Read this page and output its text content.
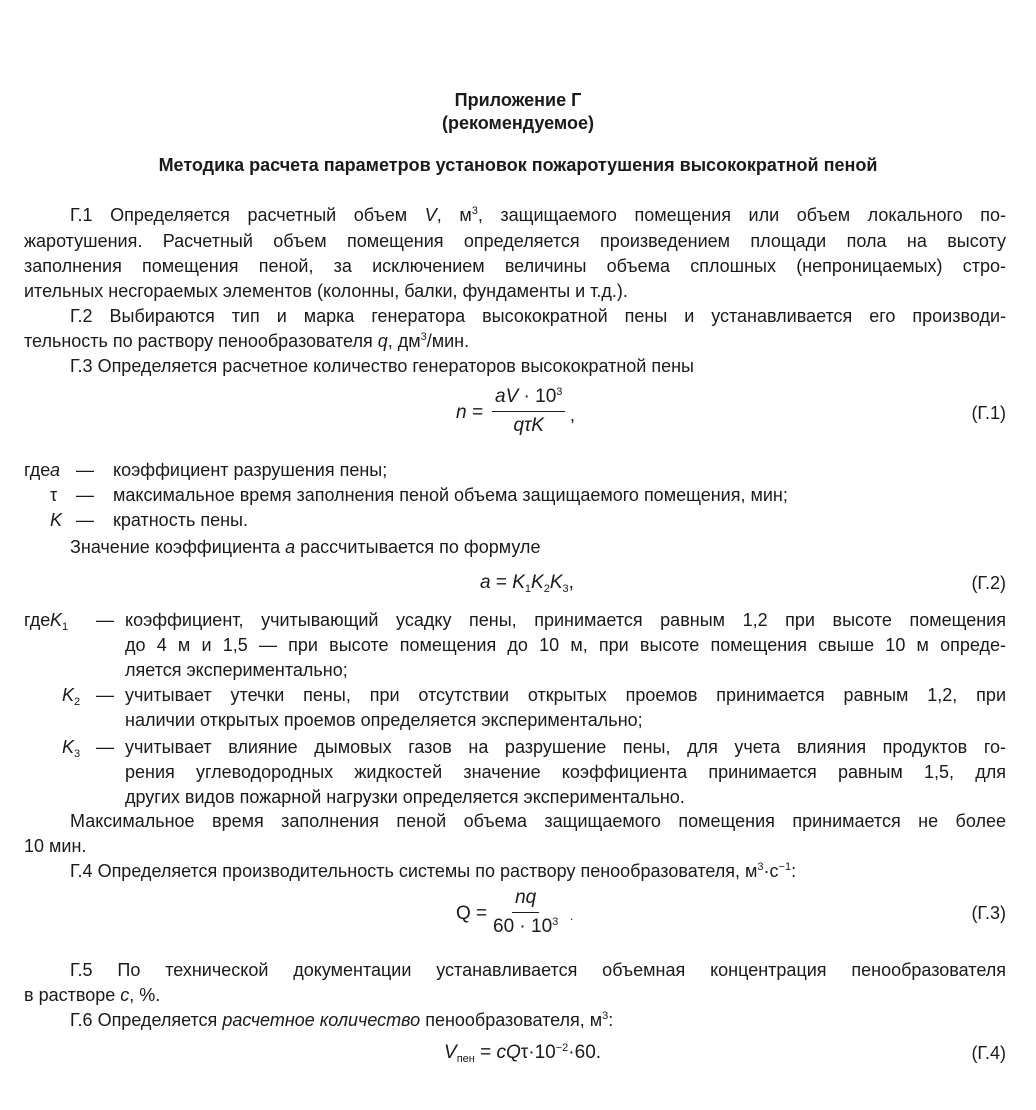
Приложение Г
(рекомендуемое)
Методика расчета параметров установок пожаротушения высокократной пеной
Г.1 Определяется расчетный объем V, $м^3$, защищаемого помещения или объем локального по-
жаротушения. Расчетный объем помещения определяется произведением площади пола на высоту
заполнения помещения пеной, за исключением величины объема сплошных (непроницаемых) стро-
ительных несгораемых элементов (колонны, балки, фундаменты и т.д.).
Г.2 Выбираются тип и марка генератора высокократной пены и устанавливается его производи-
тельность по раствору пенообразователя q, $дм^3$/мин.
Г.3 Определяется расчетное количество генераторов высокократной пены
n =
aV · $10^3$
qτK ,	(Г.1)
где a — коэффициент разрушения пены;
τ — максимальное время заполнения пеной объема защищаемого помещения, мин;
K — кратность пены.
Значение коэффициента a рассчитывается по формуле
$a = K_1K_2K_3$,	(Г.2)
где $K_1$ — коэффициент, учитывающий усадку пены, принимается равным 1,2 при высоте помещения
до 4 м и 1,5 — при высоте помещения до 10 м, при высоте помещения свыше 10 м опреде-
ляется экспериментально;
$K_2$ — учитывает утечки пены, при отсутствии открытых проемов принимается равным 1,2, при
наличии открытых проемов определяется экспериментально;
$K_3$ — учитывает влияние дымовых газов на разрушение пены, для учета влияния продуктов го-
рения углеводородных жидкостей значение коэффициента принимается равным 1,5, для
других видов пожарной нагрузки определяется экспериментально.
Максимальное время заполнения пеной объема защищаемого помещения принимается не более
10 мин.
Г.4 Определяется производительность системы по раствору пенообразователя, $м^3\cdot с^{-1}$:
$Q = \frac{nq}{60 \cdot 10^3}$ .	(Г.3)
Г.5 По технической документации устанавливается объемная концентрация пенообразователя
в растворе c, %.
Г.6 Определяется расчетное количество пенообразователя, $м^3$:
$V_{пен} = cQ\tau\cdot 10^{-2}\cdot 60$.	(Г.4)
